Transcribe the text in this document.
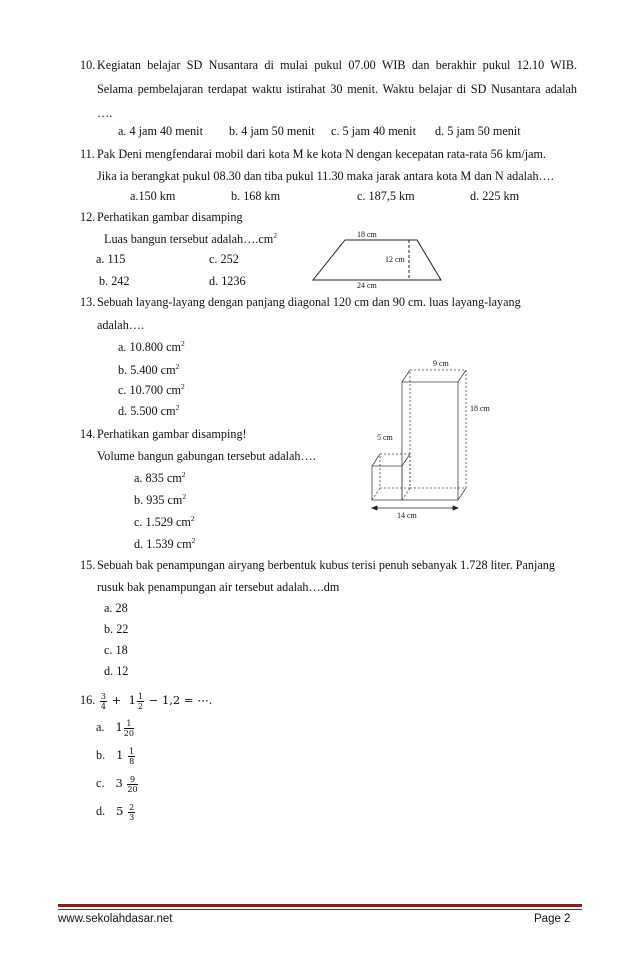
10. Kegiatan belajar SD Nusantara di mulai pukul 07.00 WIB dan berakhir pukul 12.10 WIB.
Selama pembelajaran terdapat waktu istirahat 30 menit. Waktu belajar di SD Nusantara adalah
….
a. 4 jam 40 menit b. 4 jam 50 menit c. 5 jam 40 menit d. 5 jam 50 menit
11. Pak Deni mengfendarai mobil dari kota M ke kota N dengan kecepatan rata-rata 56 km/jam.
Jika ia berangkat pukul 08.30 dan tiba pukul 11.30 maka jarak antara kota M dan N adalah….
a.150 km	b. 168 km	c. 187,5 km	d. 225 km
12. Perhatikan gambar disamping
Luas bangun tersebut $adalah\dots.cm^2$
a. 115	c. 252
b. 242	d. 1236
18 cm
12 cm
24 cm
13. Sebuah layang-layang dengan panjang diagonal 120 cm dan 90 cm. luas layang-layang
adalah….
a. 10.800 $cm^2$
b. 5.400 $cm^2$
c. 10.700 $cm^2$
d. 5.500 $cm^2$
14. Perhatikan gambar disamping!
Volume bangun gabungan tersebut adalah….
a. 835 $cm^2$
b. 935 $cm^2$
c. 1.529 $cm^2$
d. 1.539 $cm^2$
9 cm
18 cm
5 cm
14 cm
15. Sebuah bak penampungan airyang berbentuk kubus terisi penuh sebanyak 1.728 liter. Panjang
rusuk bak penampungan air tersebut adalah….dm
a. 28
b. 22
c. 18
d. 12
16. $\frac{3}{4} + 1 \frac{1}{2} - 1,2$ = ⋯.
a. $1 \frac{1}{20}$
b. $1 \frac{1}{8}$
c. $3 \frac{9}{20}$
d. $5 \frac{2}{3}$
www.sekolahdasar.net	Page 2
